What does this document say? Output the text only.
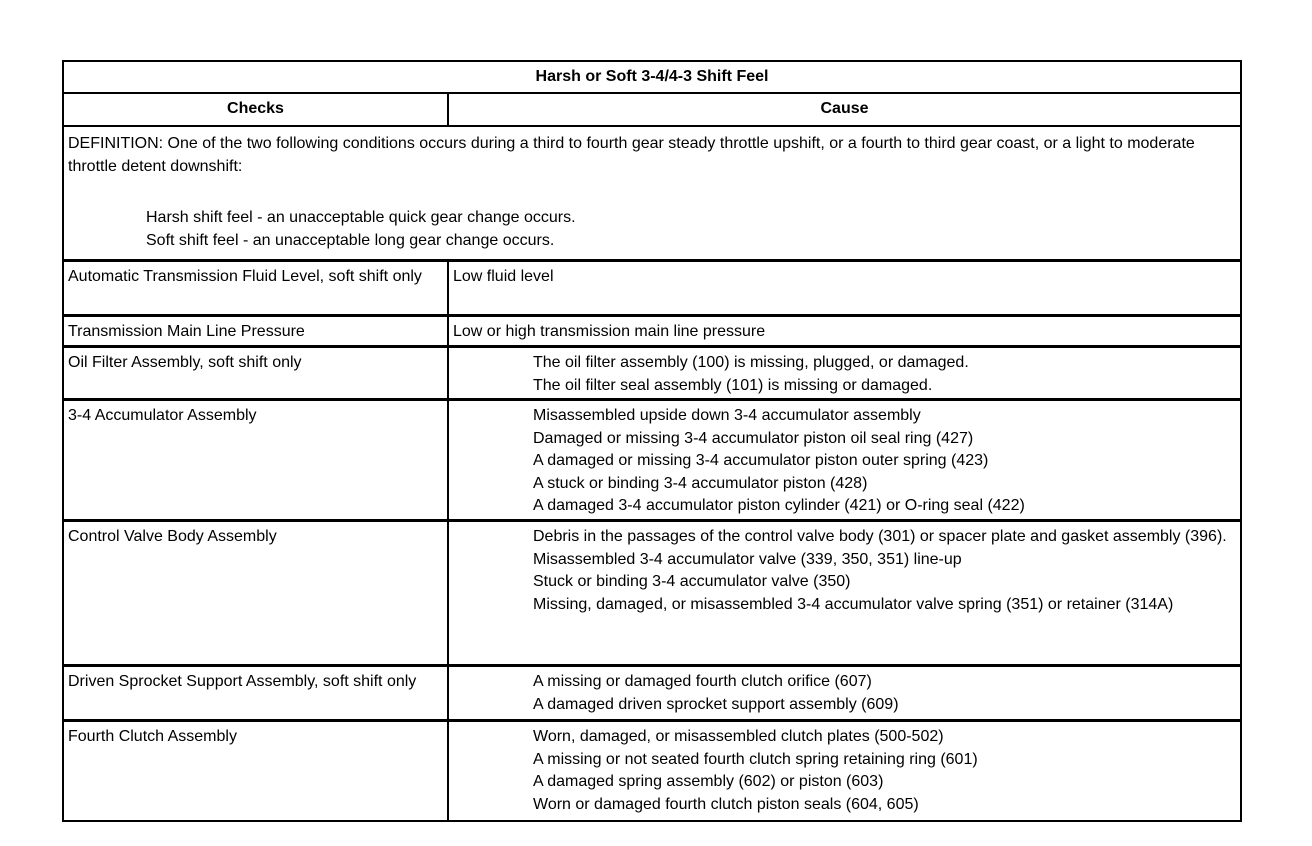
Harsh or Soft 3-4/4-3 Shift Feel
Checks	Cause

DEFINITION: One of the two following conditions occurs during a third to fourth gear steady throttle upshift, or a fourth to third gear coast, or a light to moderate throttle detent downshift:

Harsh shift feel - an unacceptable quick gear change occurs.
Soft shift feel - an unacceptable long gear change occurs.
Automatic Transmission Fluid Level, soft shift only	Low fluid level
Transmission Main Line Pressure	Low or high transmission main line pressure
Oil Filter Assembly, soft shift only	The oil filter assembly (100) is missing, plugged, or damaged.
The oil filter seal assembly (101) is missing or damaged.
3-4 Accumulator Assembly	Misassembled upside down 3-4 accumulator assembly
Damaged or missing 3-4 accumulator piston oil seal ring (427)
A damaged or missing 3-4 accumulator piston outer spring (423)
A stuck or binding 3-4 accumulator piston (428)
A damaged 3-4 accumulator piston cylinder (421) or O-ring seal (422)
Control Valve Body Assembly	Debris in the passages of the control valve body (301) or spacer plate and gasket assembly (396).
Misassembled 3-4 accumulator valve (339, 350, 351) line-up
Stuck or binding 3-4 accumulator valve (350)
Missing, damaged, or misassembled 3-4 accumulator valve spring (351) or retainer (314A)
Driven Sprocket Support Assembly, soft shift only	A missing or damaged fourth clutch orifice (607)
A damaged driven sprocket support assembly (609)
Fourth Clutch Assembly	Worn, damaged, or misassembled clutch plates (500-502)
A missing or not seated fourth clutch spring retaining ring (601)
A damaged spring assembly (602) or piston (603)
Worn or damaged fourth clutch piston seals (604, 605)
